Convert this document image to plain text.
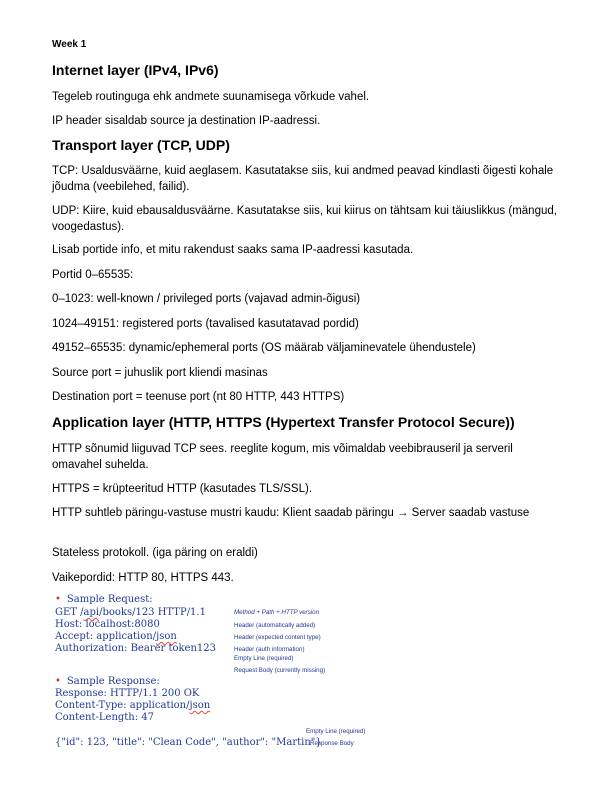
Week 1
Internet layer (IPv4, IPv6)
Tegeleb routinguga ehk andmete suunamisega võrkude vahel.
IP header sisaldab source ja destination IP-aadressi.
Transport layer (TCP, UDP)
TCP: Usaldusväärne, kuid aeglasem. Kasutatakse siis, kui andmed peavad kindlasti õigesti kohale jõudma (veebilehed, failid).
UDP: Kiire, kuid ebausaldusväärne. Kasutatakse siis, kui kiirus on tähtsam kui täiuslikkus (mängud, voogedastus).
Lisab portide info, et mitu rakendust saaks sama IP-aadressi kasutada.
Portid 0–65535:
0–1023: well-known / privileged ports (vajavad admin-õigusi)
1024–49151: registered ports (tavalised kasutatavad pordid)
49152–65535: dynamic/ephemeral ports (OS määrab väljaminevatele ühendustele)
Source port = juhuslik port kliendi masinas
Destination port = teenuse port (nt 80 HTTP, 443 HTTPS)
Application layer (HTTP, HTTPS (Hypertext Transfer Protocol Secure))
HTTP sõnumid liiguvad TCP sees. reeglite kogum, mis võimaldab veebibrauseril ja serveril omavahel suhelda.
HTTPS = krüpteeritud HTTP (kasutades TLS/SSL).
HTTP suhtleb päringu-vastuse mustri kaudu: Klient saadab päringu → Server saadab vastuse
Stateless protokoll. (iga päring on eraldi)
Vaikepordid: HTTP 80, HTTPS 443.
• Sample Request:
GET /api/books/123 HTTP/1.1
Host: localhost:8080
Accept: application/json
Authorization: Bearer token123
Method + Path + HTTP version
Header (automatically added)
Header (expected content type)
Header (auth information)
Empty Line (required)
Request Body (currently missing)
• Sample Response:
Response: HTTP/1.1 200 OK
Content-Type: application/json
Content-Length: 47
Empty Line (required)
{"id": 123, "title": "Clean Code", "author": "Martin"}
Response Body
